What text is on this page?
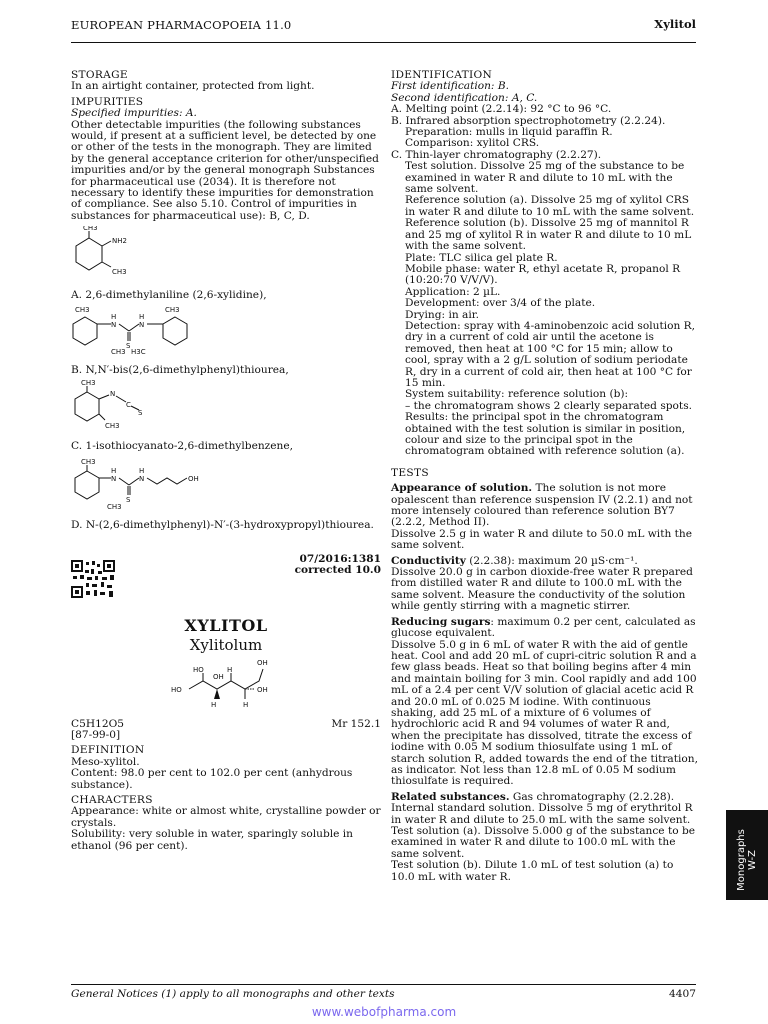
EUROPEAN PHARMACOPOEIA 11.0	Xylitol

STORAGE

In an airtight container, protected from light.

IMPURITIES

Specified impurities: A.

Other detectable impurities (the following substances would, if present at a sufficient level, be detected by one or other of the tests in the monograph. They are limited by the general acceptance criterion for other/unspecified impurities and/or by the general monograph Substances for pharmaceutical use (2034). It is therefore not necessary to identify these impurities for demonstration of compliance. See also 5.10. Control of impurities in substances for pharmaceutical use): B, C, D.

CH3
NH2
CH3

A. 2,6-dimethylaniline (2,6-xylidine),

CH3	CH3
H
N
H
N
S
CH3 H3C

B. N,N′-bis(2,6-dimethylphenyl)thiourea,

CH3
N
C
S
CH3

C. 1-isothiocyanato-2,6-dimethylbenzene,

CH3
H
N
H
N
S
OH
CH3

D. N-(2,6-dimethylphenyl)-N′-(3-hydroxypropyl)thiourea.

07/2016:1381

corrected 10.0

XYLITOL

Xylitolum

HO
H
H
HO
H
OH
OH
OH
C5H12O5	Mr 152.1

[87-99-0]

DEFINITION

Meso-xylitol.

Content: 98.0 per cent to 102.0 per cent (anhydrous substance).

CHARACTERS

Appearance: white or almost white, crystalline powder or crystals.

Solubility: very soluble in water, sparingly soluble in ethanol (96 per cent).

IDENTIFICATION

First identification: B.

Second identification: A, C.

A. Melting point (2.2.14): 92 °C to 96 °C.

B. Infrared absorption spectrophotometry (2.2.24).

Preparation: mulls in liquid paraffin R.

Comparison: xylitol CRS.

C. Thin-layer chromatography (2.2.27).

Test solution. Dissolve 25 mg of the substance to be examined in water R and dilute to 10 mL with the same solvent.

Reference solution (a). Dissolve 25 mg of xylitol CRS in water R and dilute to 10 mL with the same solvent.

Reference solution (b). Dissolve 25 mg of mannitol R and 25 mg of xylitol R in water R and dilute to 10 mL with the same solvent.

Plate: TLC silica gel plate R.

Mobile phase: water R, ethyl acetate R, propanol R (10:20:70 V/V/V).

Application: 2 µL.

Development: over 3/4 of the plate.

Drying: in air.

Detection: spray with 4-aminobenzoic acid solution R, dry in a current of cold air until the acetone is removed, then heat at 100 °C for 15 min; allow to cool, spray with a 2 g/L solution of sodium periodate R, dry in a current of cold air, then heat at 100 °C for 15 min.

System suitability: reference solution (b):

– the chromatogram shows 2 clearly separated spots.

Results: the principal spot in the chromatogram obtained with the test solution is similar in position, colour and size to the principal spot in the chromatogram obtained with reference solution (a).

TESTS

Appearance of solution. The solution is not more opalescent than reference suspension IV (2.2.1) and not more intensely coloured than reference solution BY7 (2.2.2, Method II).

Dissolve 2.5 g in water R and dilute to 50.0 mL with the same solvent.

Conductivity (2.2.38): maximum 20 µS·cm⁻¹.

Dissolve 20.0 g in carbon dioxide-free water R prepared from distilled water R and dilute to 100.0 mL with the same solvent. Measure the conductivity of the solution while gently stirring with a magnetic stirrer.

Reducing sugars: maximum 0.2 per cent, calculated as glucose equivalent.

Dissolve 5.0 g in 6 mL of water R with the aid of gentle heat. Cool and add 20 mL of cupri-citric solution R and a few glass beads. Heat so that boiling begins after 4 min and maintain boiling for 3 min. Cool rapidly and add 100 mL of a 2.4 per cent V/V solution of glacial acetic acid R and 20.0 mL of 0.025 M iodine. With continuous shaking, add 25 mL of a mixture of 6 volumes of hydrochloric acid R and 94 volumes of water R and, when the precipitate has dissolved, titrate the excess of iodine with 0.05 M sodium thiosulfate using 1 mL of starch solution R, added towards the end of the titration, as indicator. Not less than 12.8 mL of 0.05 M sodium thiosulfate is required.

Related substances. Gas chromatography (2.2.28).

Internal standard solution. Dissolve 5 mg of erythritol R in water R and dilute to 25.0 mL with the same solvent.

Test solution (a). Dissolve 5.000 g of the substance to be examined in water R and dilute to 100.0 mL with the same solvent.

Test solution (b). Dilute 1.0 mL of test solution (a) to 10.0 mL with water R.	Monographs
W-Z
General Notices (1) apply to all monographs and other texts	4407
www.webofpharma.com
